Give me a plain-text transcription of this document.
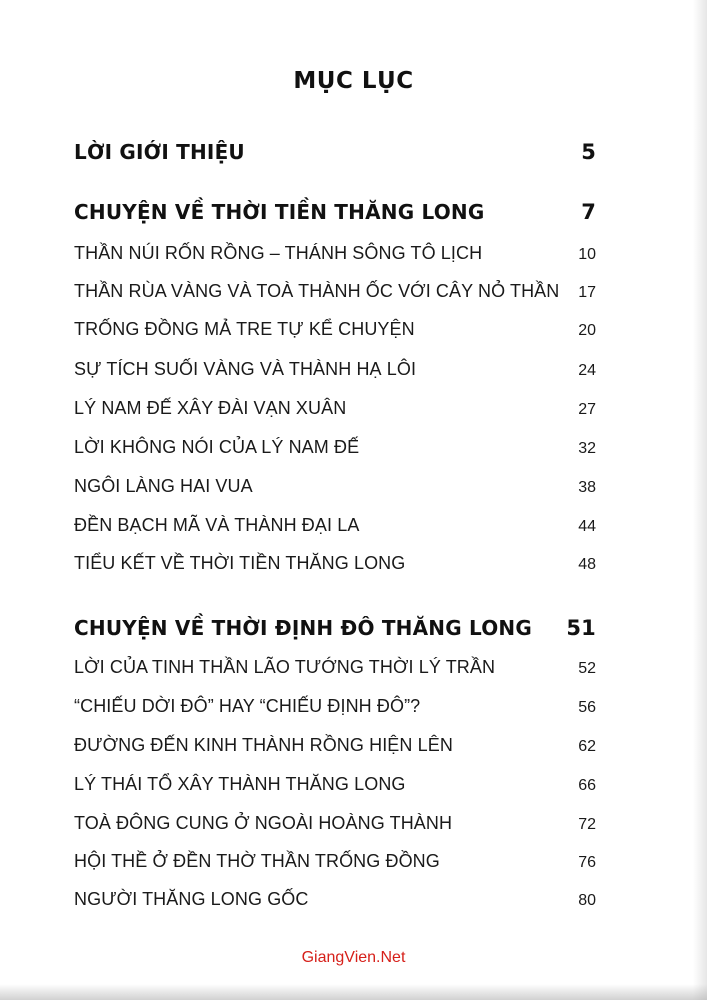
MỤC LỤC
LỜI GIỚI THIỆU	5
CHUYỆN VỀ THỜI TIỀN THĂNG LONG	7
THẦN NÚI RỐN RỒNG – THÁNH SÔNG TÔ LỊCH	10
THẦN RÙA VÀNG VÀ TOÀ THÀNH ỐC VỚI CÂY NỎ THẦN 17
TRỐNG ĐỒNG MẢ TRE TỰ KỂ CHUYỆN	20
SỰ TÍCH SUỐI VÀNG VÀ THÀNH HẠ LÔI	24
LÝ NAM ĐẾ XÂY ĐÀI VẠN XUÂN	27
LỜI KHÔNG NÓI CỦA LÝ NAM ĐẾ	32
NGÔI LÀNG HAI VUA	38
ĐỀN BẠCH MÃ VÀ THÀNH ĐẠI LA	44
TIỂU KẾT VỀ THỜI TIỀN THĂNG LONG	48
CHUYỆN VỀ THỜI ĐỊNH ĐÔ THĂNG LONG 51
LỜI CỦA TINH THẦN LÃO TƯỚNG THỜI LÝ TRẦN	52
“CHIẾU DỜI ĐÔ” HAY “CHIẾU ĐỊNH ĐÔ”?	56
ĐƯỜNG ĐẾN KINH THÀNH RỒNG HIỆN LÊN	62
LÝ THÁI TỔ XÂY THÀNH THĂNG LONG	66
TOÀ ĐÔNG CUNG Ở NGOÀI HOÀNG THÀNH	72
HỘI THỀ Ở ĐỀN THỜ THẦN TRỐNG ĐỒNG	76
NGƯỜI THĂNG LONG GỐC	80
GiangVien.Net
